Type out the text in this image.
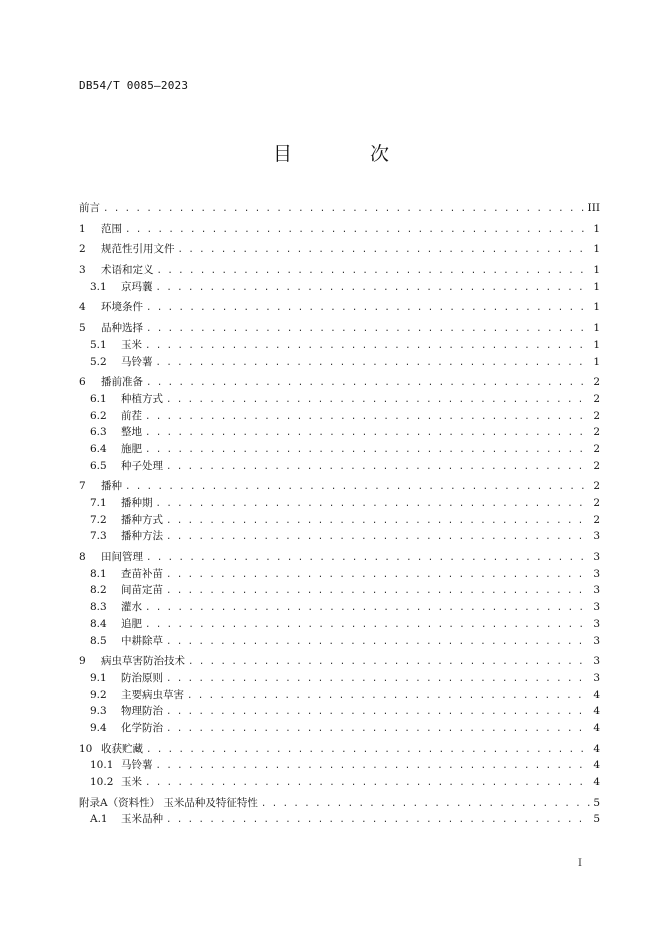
DB54/T 0085—2023
目 次
前言 . . .	III
1	范围 . . .	1
2	规范性引用文件 . . .	1
3	术语和定义 . . .	1
3.1	京玛蘘 . . .	1
4	环境条件 . . .	1
5	品种选择 . . .	1
5.1	玉米 . . .	1
5.2	马铃薯 . . .	1
6	播前准备 . . .	2
6.1	种植方式 . . .	2
6.2	前茬 . . .	2
6.3	整地 . . .	2
6.4	施肥 . . .	2
6.5	种子处理 . . .	2
7	播种 . . .	2
7.1	播种期 . . .	2
7.2	播种方式 . . .	2
7.3	播种方法 . . .	3
8	田间管理 . . .	3
8.1	查苗补苗 . . .	3
8.2	间苗定苗 . . .	3
8.3	灌水 . . .	3
8.4	追肥 . . .	3
8.5	中耕除草 . . .	3
9	病虫草害防治技术 . . .	3
9.1	防治原则 . . .	3
9.2	主要病虫草害 . . .	4
9.3	物理防治 . . .	4
9.4	化学防治 . . .	4
10 收获贮藏 . . .	4
10.1 马铃薯 . . .	4
10.2 玉米 . . .	4
附录A（资料性） 玉米品种及特征特性 . . .	5
A.1	玉米品种 . . .	5
I
